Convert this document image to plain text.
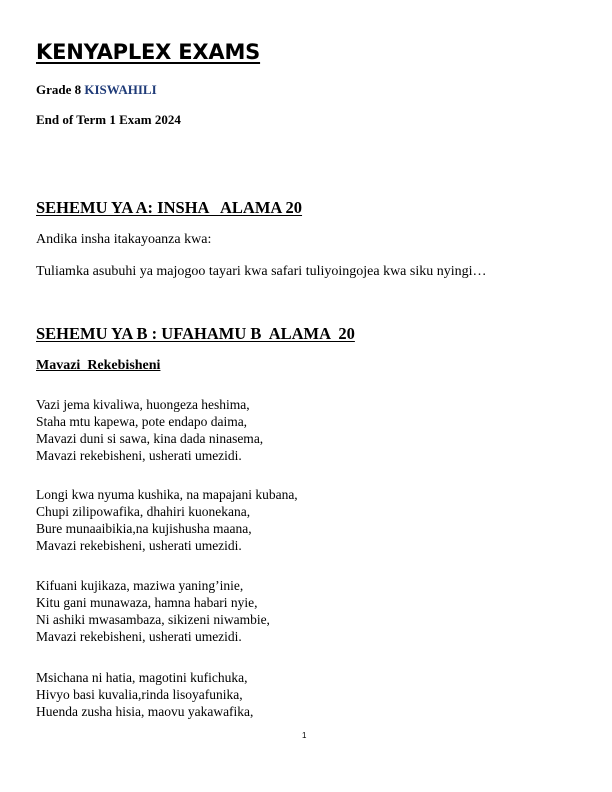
KENYAPLEX EXAMS
Grade 8 KISWAHILI
End of Term 1 Exam 2024
SEHEMU YA A: INSHA   ALAMA 20
Andika insha itakayoanza kwa:
Tuliamka asubuhi ya majogoo tayari kwa safari tuliyoingojea kwa siku nyingi…
SEHEMU YA B : UFAHAMU B  ALAMA  20
Mavazi  Rekebisheni
Vazi jema kivaliwa, huongeza heshima,
Staha mtu kapewa, pote endapo daima,
Mavazi duni si sawa, kina dada ninasema,
Mavazi rekebisheni, usherati umezidi.
Longi kwa nyuma kushika, na mapajani kubana,
Chupi zilipowafika, dhahiri kuonekana,
Bure munaaibikia,na kujishusha maana,
Mavazi rekebisheni, usherati umezidi.
Kifuani kujikaza, maziwa yaning’inie,
Kitu gani munawaza, hamna habari nyie,
Ni ashiki mwasambaza, sikizeni niwambie,
Mavazi rekebisheni, usherati umezidi.
Msichana ni hatia, magotini kufichuka,
Hivyo basi kuvalia,rinda lisoyafunika,
Huenda zusha hisia, maovu yakawafika,
1
